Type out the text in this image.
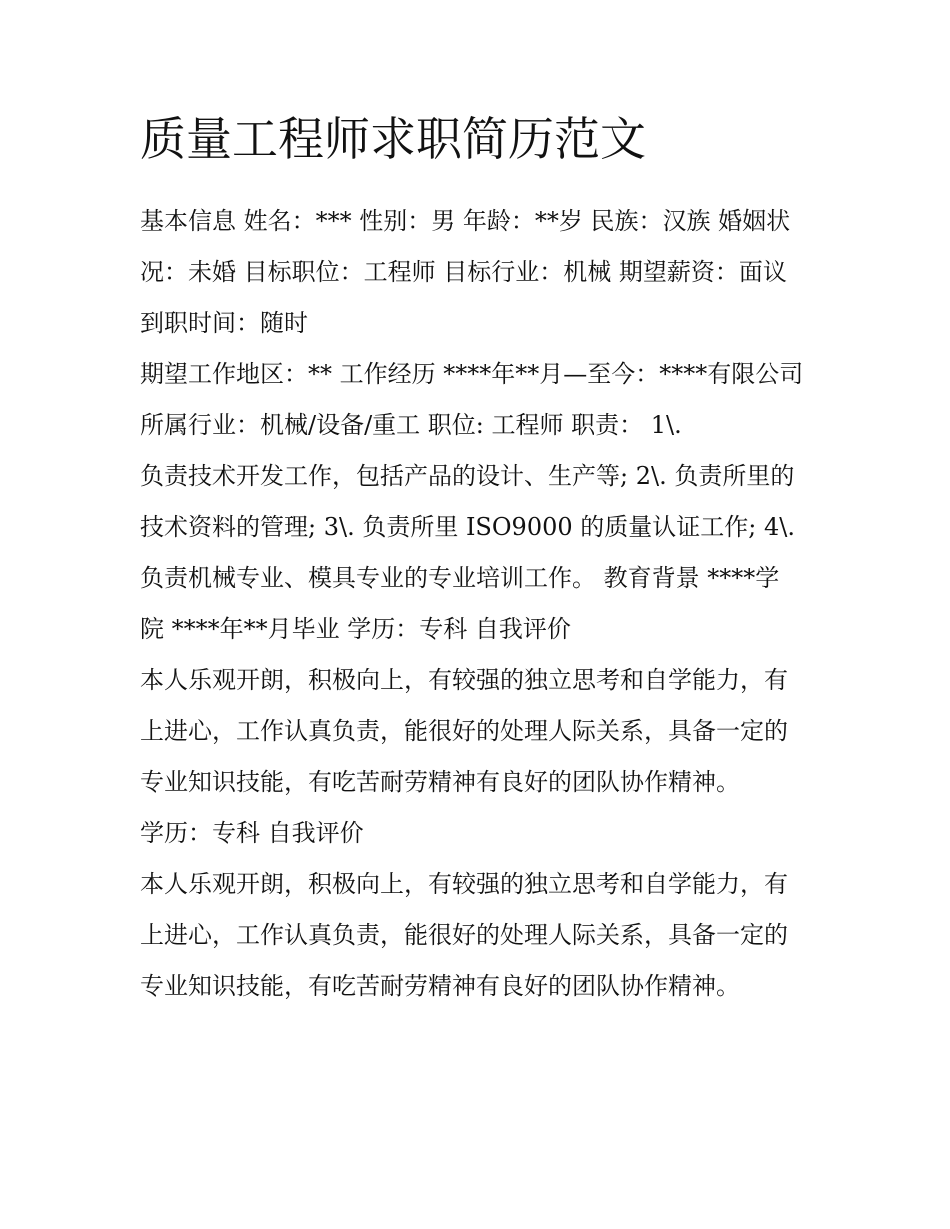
质量工程师求职简历范文
基本信息 姓名：*** 性别：男 年龄：**岁 民族：汉族 婚姻状
况：未婚 目标职位：工程师 目标行业：机械 期望薪资：面议
到职时间：随时
期望工作地区：** 工作经历 ****年**月—至今：****有限公司
所属行业：机械/设备/重工 职位: 工程师 职责： 1\.
负责技术开发工作，包括产品的设计、生产等; 2\. 负责所里的
技术资料的管理; 3\. 负责所里 ISO9000 的质量认证工作; 4\.
负责机械专业、模具专业的专业培训工作。 教育背景 ****学
院 ****年**月毕业 学历：专科 自我评价
本人乐观开朗，积极向上，有较强的独立思考和自学能力，有
上进心，工作认真负责，能很好的处理人际关系，具备一定的
专业知识技能，有吃苦耐劳精神有良好的团队协作精神。
学历：专科 自我评价
本人乐观开朗，积极向上，有较强的独立思考和自学能力，有
上进心，工作认真负责，能很好的处理人际关系，具备一定的
专业知识技能，有吃苦耐劳精神有良好的团队协作精神。
